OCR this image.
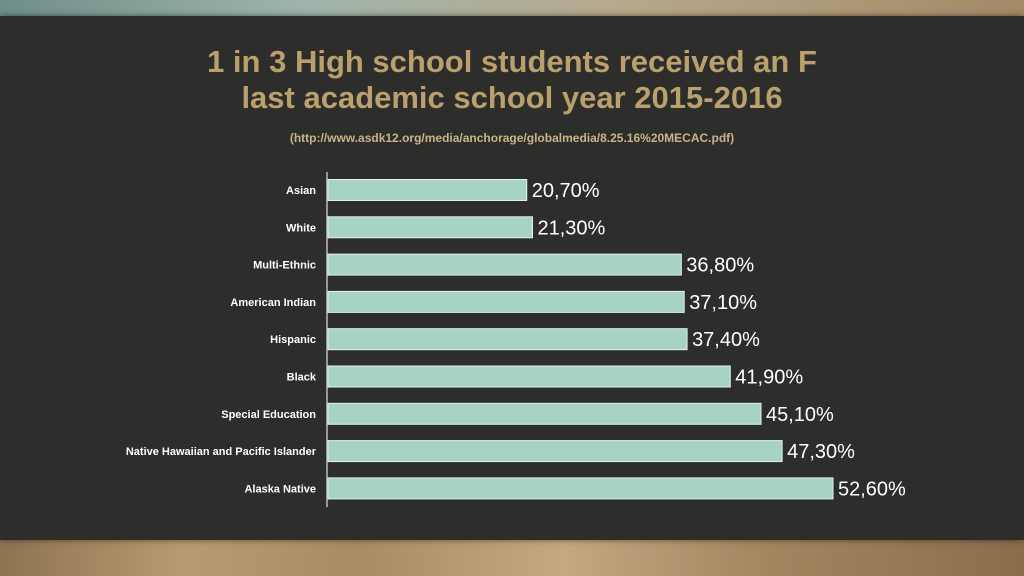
1 in 3 High school students received an F
last academic school year 2015-2016
(http://www.asdk12.org/media/anchorage/globalmedia/8.25.16%20MECAC.pdf)
Asian	20,70%
White	21,30%
Multi-Ethnic	36,80%
American Indian	37,10%
Hispanic	37,40%
Black	41,90%
Special Education	45,10%
Native Hawaiian and Pacific Islander	47,30%
Alaska Native	52,60%
